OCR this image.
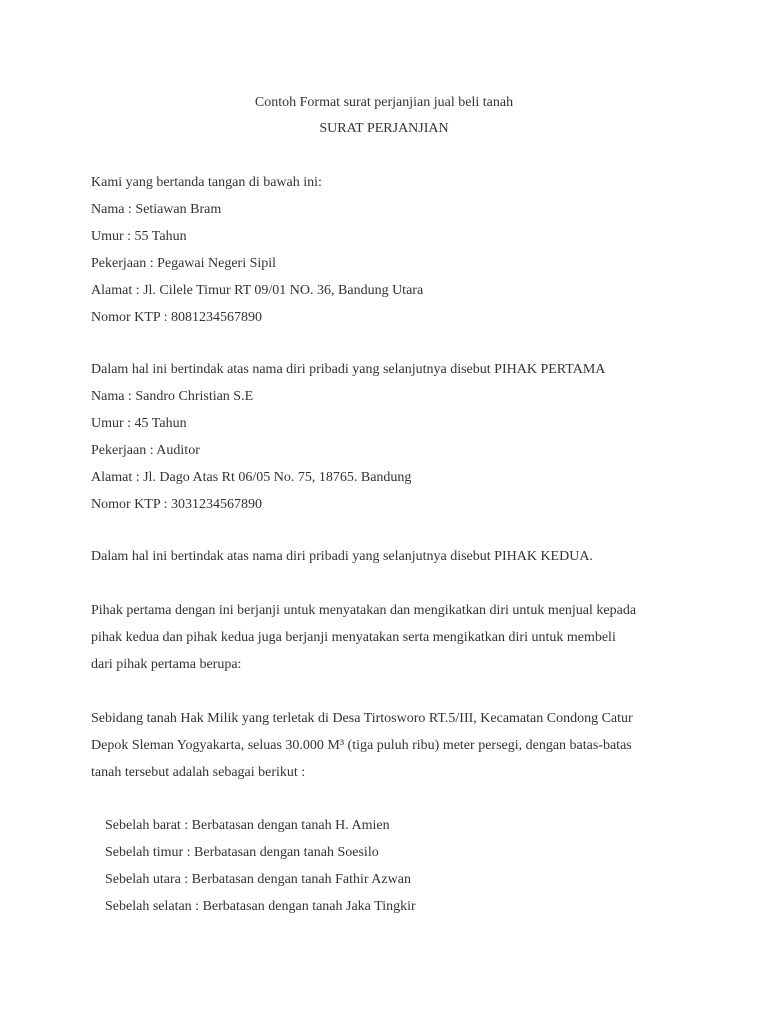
Contoh Format surat perjanjian jual beli tanah
SURAT PERJANJIAN
Kami yang bertanda tangan di bawah ini:
Nama : Setiawan Bram
Umur : 55 Tahun
Pekerjaan : Pegawai Negeri Sipil
Alamat : Jl. Cilele Timur RT 09/01 NO. 36, Bandung Utara
Nomor KTP : 8081234567890
Dalam hal ini bertindak atas nama diri pribadi yang selanjutnya disebut PIHAK PERTAMA
Nama : Sandro Christian S.E
Umur : 45 Tahun
Pekerjaan : Auditor
Alamat : Jl. Dago Atas Rt 06/05 No. 75, 18765. Bandung
Nomor KTP : 3031234567890
Dalam hal ini bertindak atas nama diri pribadi yang selanjutnya disebut PIHAK KEDUA.
Pihak pertama dengan ini berjanji untuk menyatakan dan mengikatkan diri untuk menjual kepada
pihak kedua dan pihak kedua juga berjanji menyatakan serta mengikatkan diri untuk membeli
dari pihak pertama berupa:
Sebidang tanah Hak Milik yang terletak di Desa Tirtosworo RT.5/III, Kecamatan Condong Catur
Depok Sleman Yogyakarta, seluas 30.000 M³ (tiga puluh ribu) meter persegi, dengan batas-batas
tanah tersebut adalah sebagai berikut :
Sebelah barat : Berbatasan dengan tanah H. Amien
Sebelah timur : Berbatasan dengan tanah Soesilo
Sebelah utara : Berbatasan dengan tanah Fathir Azwan
Sebelah selatan : Berbatasan dengan tanah Jaka Tingkir
